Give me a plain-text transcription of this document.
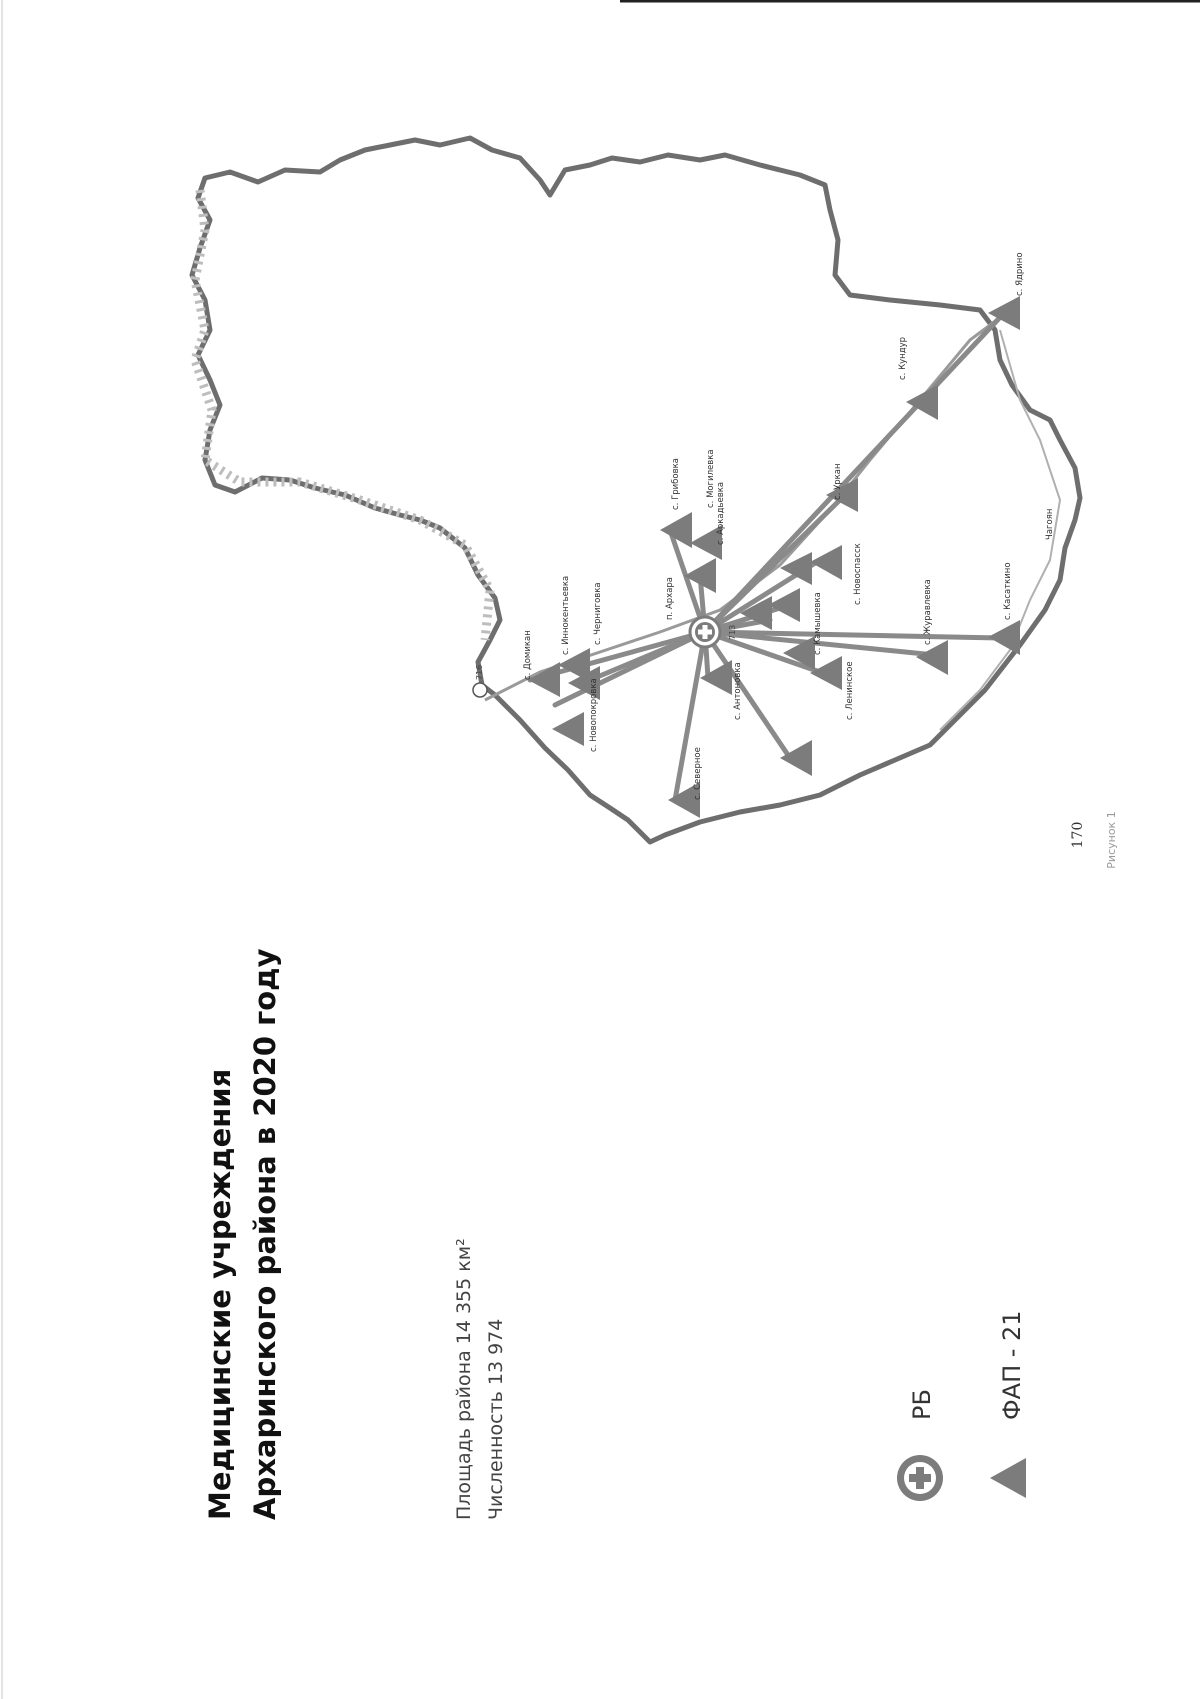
170 Рисунок 1
Медицинские учреждения Архаринского района в 2020 году	Площадь района 14 355 км² Численность 13 974	РБ	ФАП - 21
716
713
п. Архара
с. Грибовка	с. Могилевка
с. Аркадьевка
с. Домикан
с. Иннокентьевка	с. Черниговка
с. Новопокровка	с. Антоновка
с. Северное
с. Ленинское
с. Камышевка
с. Новоспасск
с. Журавлевка	с. Касаткино
с. Уркан
с. Кундур
с. Ядрино
Чагоян
